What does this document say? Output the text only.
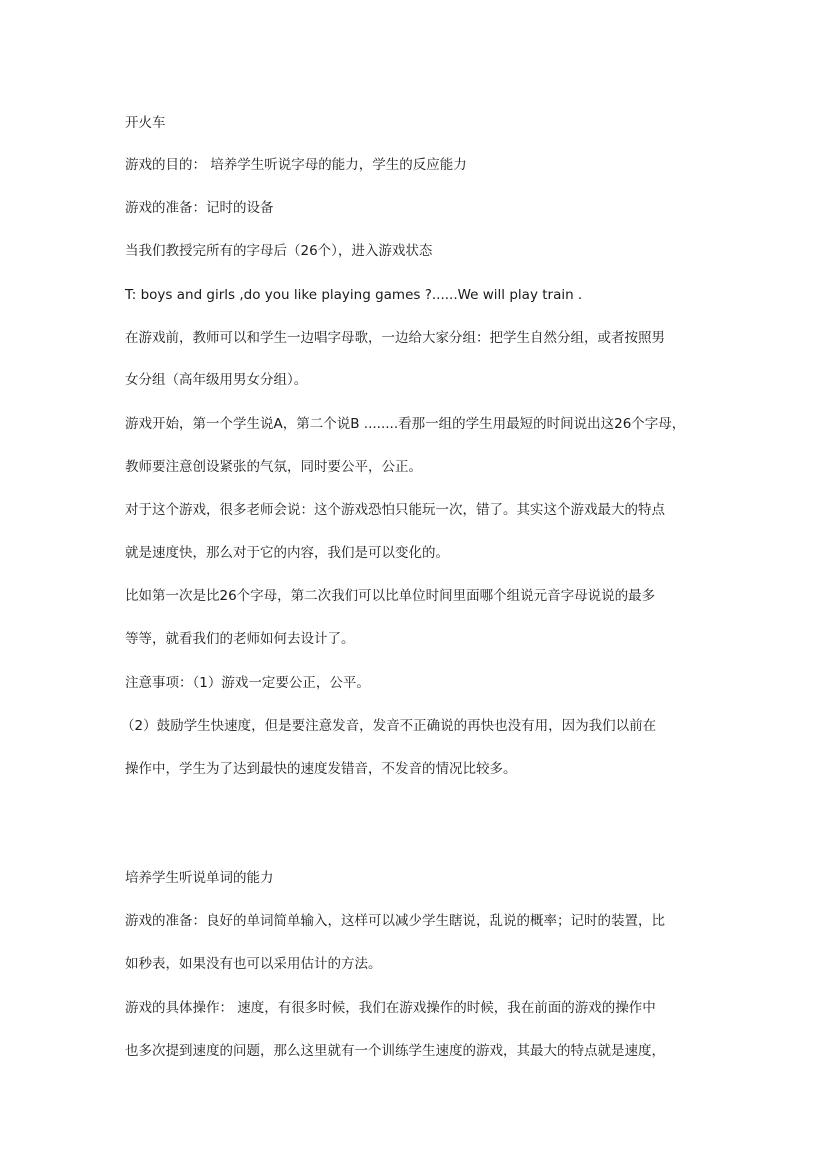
开火车
游戏的目的： 培养学生听说字母的能力，学生的反应能力
游戏的准备：记时的设备
当我们教授完所有的字母后（26个），进入游戏状态
T: boys and girls ,do you like playing games ?......We will play train .
在游戏前，教师可以和学生一边唱字母歌，一边给大家分组：把学生自然分组，或者按照男
女分组（高年级用男女分组）。
游戏开始，第一个学生说A，第二个说B ........看那一组的学生用最短的时间说出这26个字母，
教师要注意创设紧张的气氛，同时要公平，公正。
对于这个游戏，很多老师会说：这个游戏恐怕只能玩一次，错了。其实这个游戏最大的特点
就是速度快，那么对于它的内容，我们是可以变化的。
比如第一次是比26个字母，第二次我们可以比单位时间里面哪个组说元音字母说说的最多
等等，就看我们的老师如何去设计了。
注意事项：（1）游戏一定要公正，公平。
（2）鼓励学生快速度，但是要注意发音，发音不正确说的再快也没有用，因为我们以前在
操作中，学生为了达到最快的速度发错音，不发音的情况比较多。
培养学生听说单词的能力
游戏的准备：良好的单词简单输入，这样可以减少学生瞎说，乱说的概率；记时的装置，比
如秒表，如果没有也可以采用估计的方法。
游戏的具体操作： 速度，有很多时候，我们在游戏操作的时候，我在前面的游戏的操作中
也多次提到速度的问题，那么这里就有一个训练学生速度的游戏，其最大的特点就是速度，
